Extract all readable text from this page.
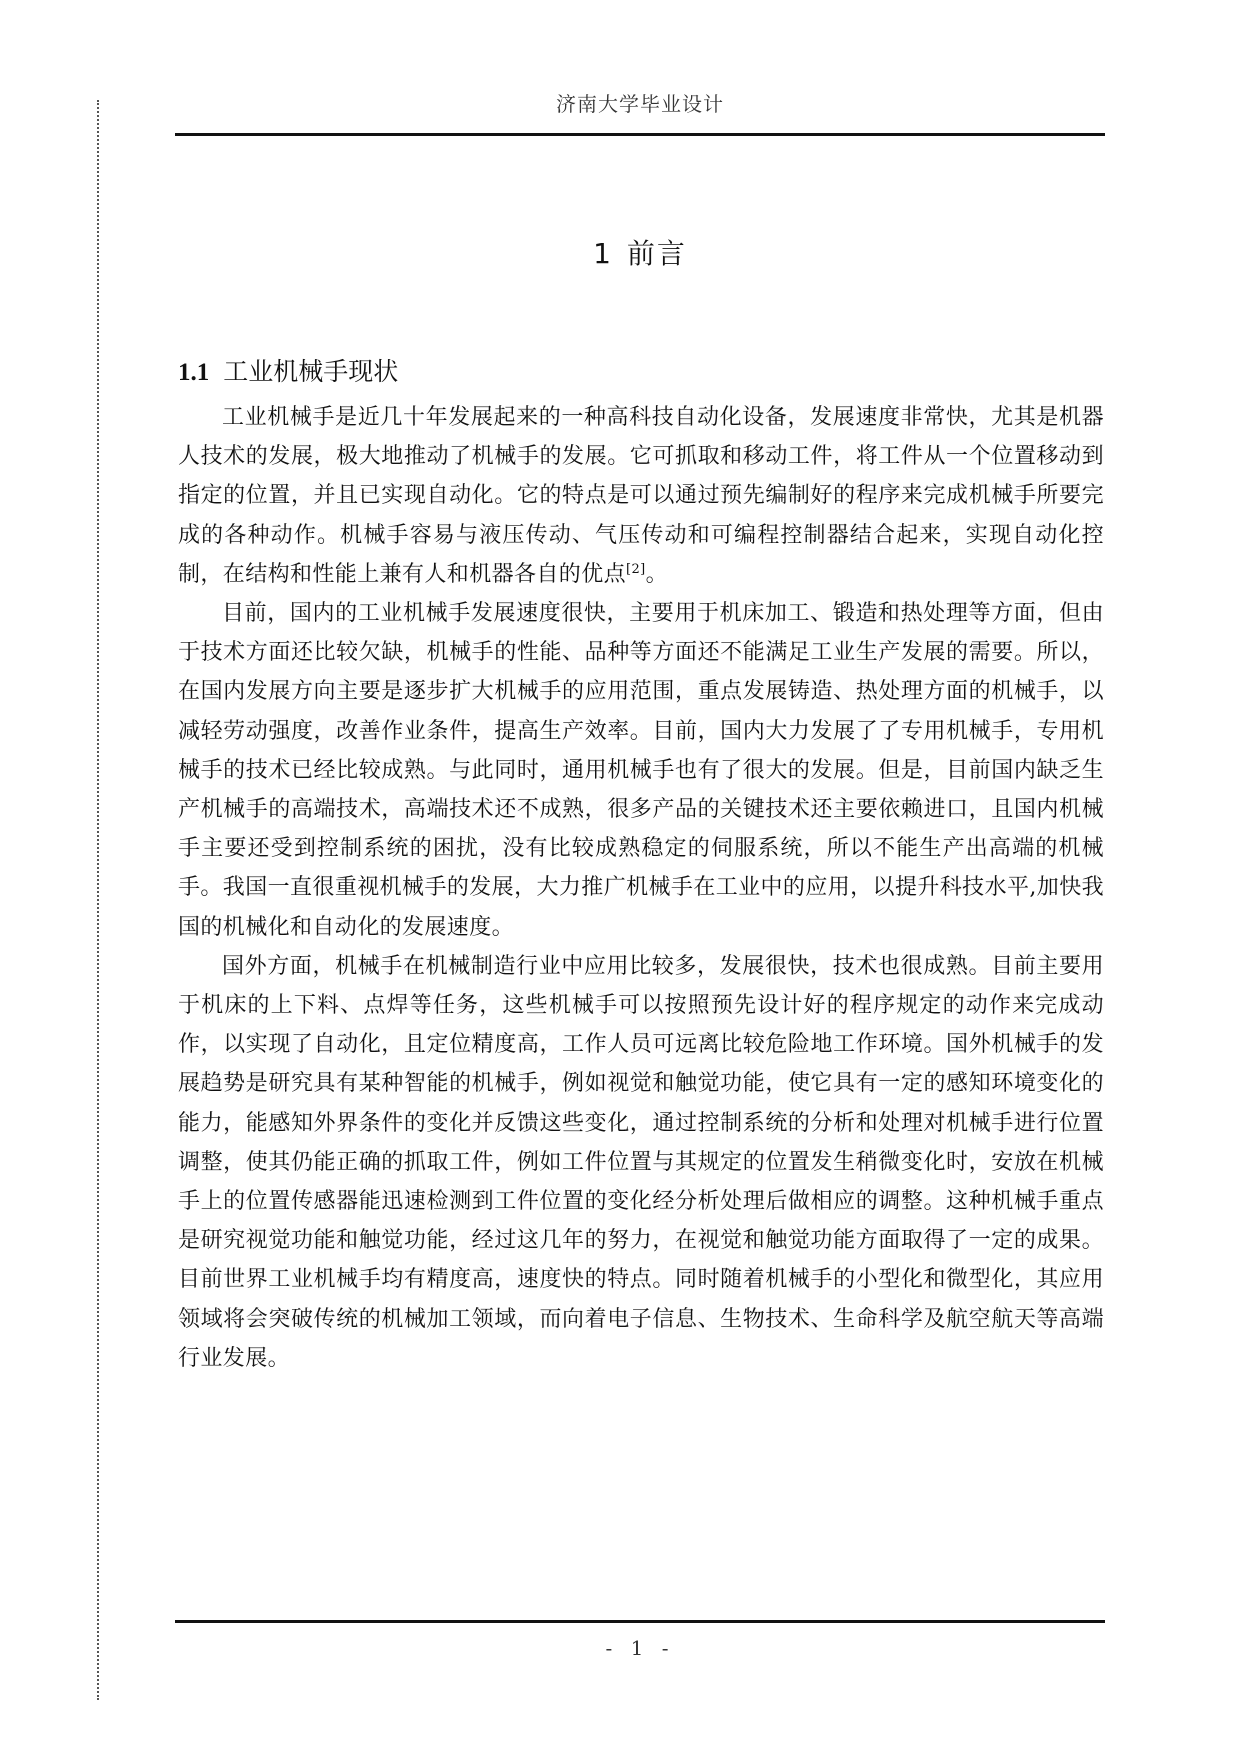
济南大学毕业设计
1 前言
1.1 工业机械手现状

工业机械手是近几十年发展起来的一种高科技自动化设备，发展速度非常快，尤其是机器人技术的发展，极大地推动了机械手的发展。它可抓取和移动工件，将工件从一个位置移动到指定的位置，并且已实现自动化。它的特点是可以通过预先编制好的程序来完成机械手所要完成的各种动作。机械手容易与液压传动、气压传动和可编程控制器结合起来，实现自动化控制，在结构和性能上兼有人和机器各自的优点[2]。

目前，国内的工业机械手发展速度很快，主要用于机床加工、锻造和热处理等方面，但由于技术方面还比较欠缺，机械手的性能、品种等方面还不能满足工业生产发展的需要。所以，在国内发展方向主要是逐步扩大机械手的应用范围，重点发展铸造、热处理方面的机械手，以减轻劳动强度，改善作业条件，提高生产效率。目前，国内大力发展了了专用机械手，专用机械手的技术已经比较成熟。与此同时，通用机械手也有了很大的发展。但是，目前国内缺乏生产机械手的高端技术，高端技术还不成熟，很多产品的关键技术还主要依赖进口，且国内机械手主要还受到控制系统的困扰，没有比较成熟稳定的伺服系统，所以不能生产出高端的机械手。我国一直很重视机械手的发展，大力推广机械手在工业中的应用，以提升科技水平,加快我国的机械化和自动化的发展速度。

国外方面，机械手在机械制造行业中应用比较多，发展很快，技术也很成熟。目前主要用于机床的上下料、点焊等任务，这些机械手可以按照预先设计好的程序规定的动作来完成动作，以实现了自动化，且定位精度高，工作人员可远离比较危险地工作环境。国外机械手的发展趋势是研究具有某种智能的机械手，例如视觉和触觉功能，使它具有一定的感知环境变化的能力，能感知外界条件的变化并反馈这些变化，通过控制系统的分析和处理对机械手进行位置调整，使其仍能正确的抓取工件，例如工件位置与其规定的位置发生稍微变化时，安放在机械手上的位置传感器能迅速检测到工件位置的变化经分析处理后做相应的调整。这种机械手重点是研究视觉功能和触觉功能，经过这几年的努力，在视觉和触觉功能方面取得了一定的成果。目前世界工业机械手均有精度高，速度快的特点。同时随着机械手的小型化和微型化，其应用领域将会突破传统的机械加工领域，而向着电子信息、生物技术、生命科学及航空航天等高端行业发展。

- 1 -
